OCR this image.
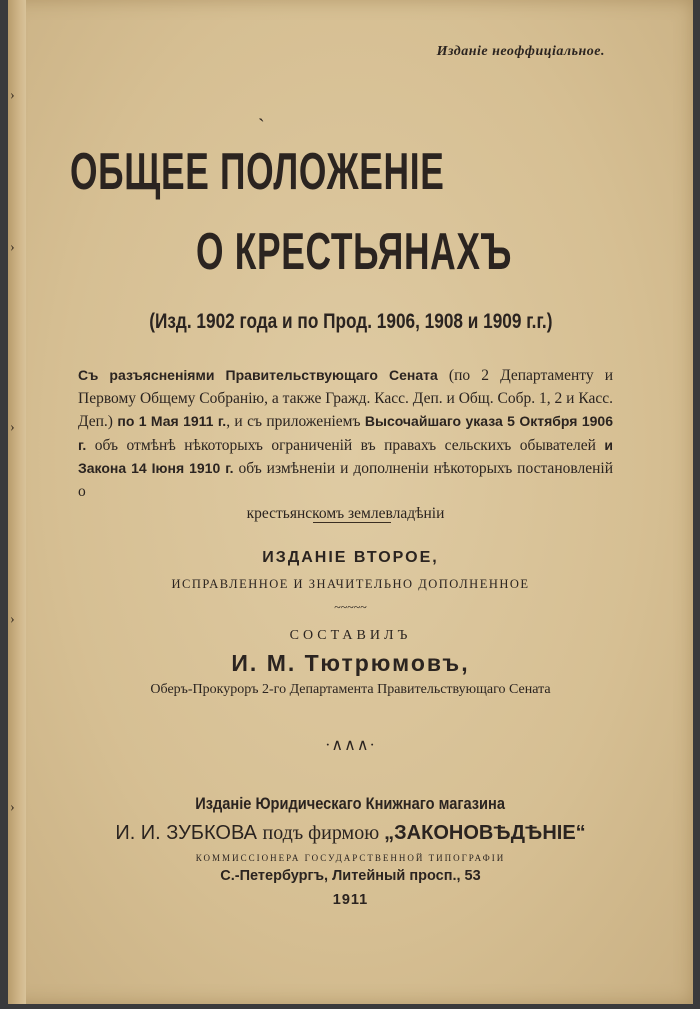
›
›
›
›
›
Изданіе неоффиціальное.
ˎ
ОБЩЕЕ ПОЛОЖЕНІЕ
О КРЕСТЬЯНАХЪ
(Изд. 1902 года и по Прод. 1906, 1908 и 1909 г.г.)
Съ разъясненіями Правительствующаго Сената (по 2 Департаменту и Первому Общему Собранію, а также Гражд. Касс. Деп. и Общ. Собр. 1, 2 и Касс. Деп.) по 1 Мая 1911 г., и съ приложеніемъ Высочайшаго указа 5 Октября 1906 г. объ отмѣнѣ нѣкоторыхъ ограниченій въ правахъ сельскихъ обывателей и Закона 14 Іюня 1910 г. объ измѣненіи и дополненіи нѣкоторыхъ постановленій о
крестьянскомъ землевладѣніи
ИЗДАНІЕ ВТОРОЕ,
ИСПРАВЛЕННОЕ И ЗНАЧИТЕЛЬНО ДОПОЛНЕННОЕ
~~~~~
СОСТАВИЛЪ
И. М. Тютрюмовъ,
Оберъ-Прокуроръ 2-го Департамента Правительствующаго Сената
·∧∧∧·
Изданіе Юридическаго Книжнаго магазина
И. И. ЗУБКОВА подъ фирмою „ЗАКОНОВѢДѢНІЕ“
КОММИССІОНЕРА ГОСУДАРСТВЕННОЙ ТИПОГРАФІИ
С.-Петербургъ, Литейный просп., 53
1911
